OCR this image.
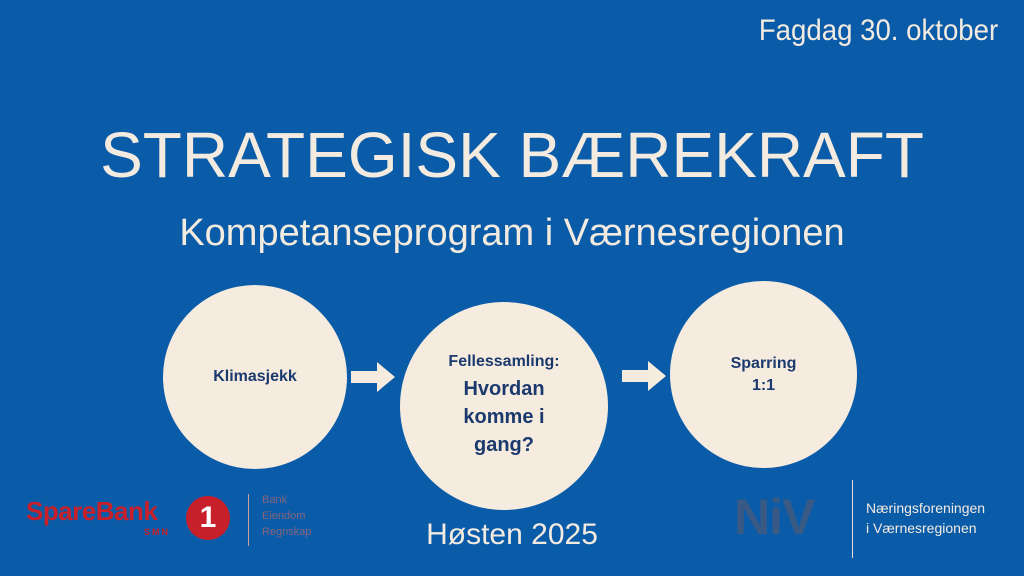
Fagdag 30. oktober
STRATEGISK BÆREKRAFT
Kompetanseprogram i Værnesregionen
Klimasjekk
Fellessamling:
Hvordan komme i gang?
Sparring
1:1
Høsten 2025
SpareBank
SMN 1
Bank
Eiendom
Regnskap	NiV	Næringsforeningen
i Værnesregionen
